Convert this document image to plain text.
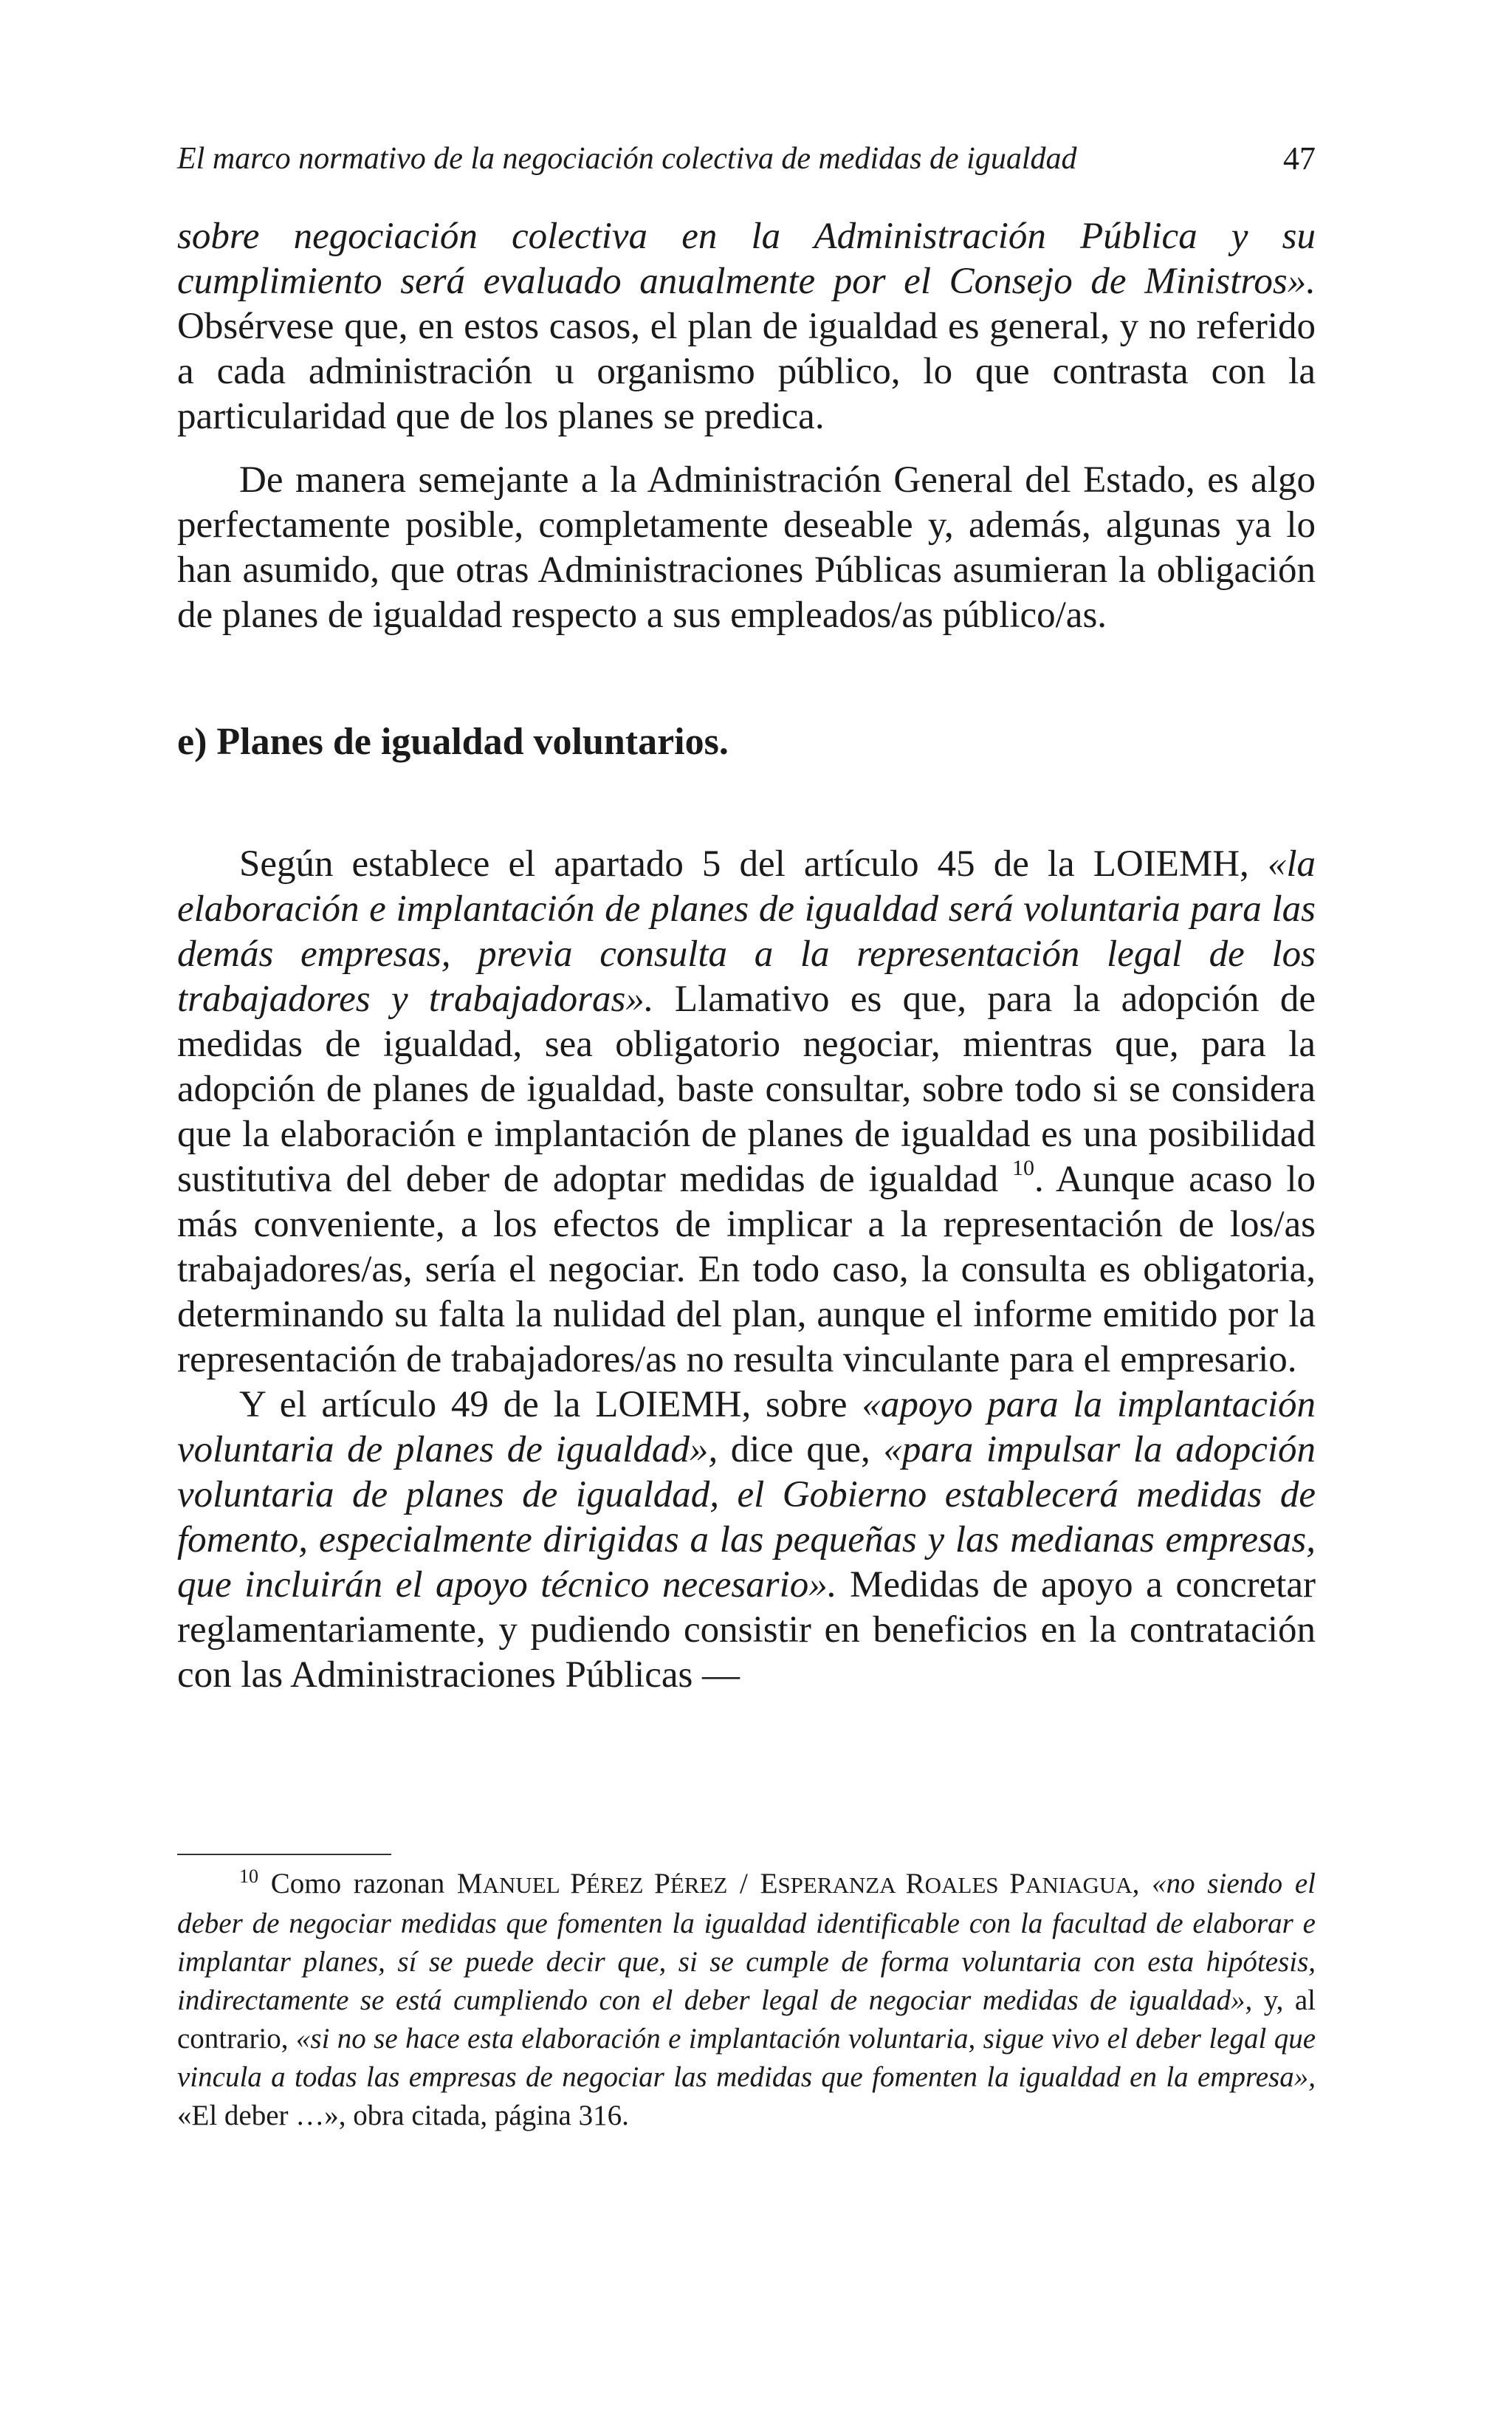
El marco normativo de la negociación colectiva de medidas de igualdad	47

sobre negociación colectiva en la Administración Pública y su cumplimiento será evaluado anualmente por el Consejo de Ministros». Obsérvese que, en estos casos, el plan de igualdad es general, y no referido a cada administración u organismo público, lo que contrasta con la particularidad que de los planes se predica.

De manera semejante a la Administración General del Estado, es algo perfectamente posible, completamente deseable y, además, algunas ya lo han asumido, que otras Administraciones Públicas asumieran la obligación de planes de igualdad respecto a sus empleados/as público/as.

e) Planes de igualdad voluntarios.

Según establece el apartado 5 del artículo 45 de la LOIEMH, «la elaboración e implantación de planes de igualdad será voluntaria para las demás empresas, previa consulta a la representación legal de los trabajadores y trabajadoras». Llamativo es que, para la adopción de medidas de igualdad, sea obligatorio negociar, mientras que, para la adopción de planes de igualdad, baste consultar, sobre todo si se considera que la elaboración e implantación de planes de igualdad es una posibilidad sustitutiva del deber de adoptar medidas de igualdad $^{10}$. Aunque acaso lo más conveniente, a los efectos de implicar a la representación de los/as trabajadores/as, sería el negociar. En todo caso, la consulta es obligatoria, determinando su falta la nulidad del plan, aunque el informe emitido por la representación de trabajadores/as no resulta vinculante para el empresario.

Y el artículo 49 de la LOIEMH, sobre «apoyo para la implantación voluntaria de planes de igualdad», dice que, «para impulsar la adopción voluntaria de planes de igualdad, el Gobierno establecerá medidas de fomento, especialmente dirigidas a las pequeñas y las medianas empresas, que incluirán el apoyo técnico necesario». Medidas de apoyo a concretar reglamentariamente, y pudiendo consistir en beneficios en la contratación con las Administraciones Públicas —

$^{10}$ Como razonan MANUEL PÉREZ PÉREZ / ESPERANZA ROALES PANIAGUA, «no siendo el deber de negociar medidas que fomenten la igualdad identificable con la facultad de elaborar e implantar planes, sí se puede decir que, si se cumple de forma voluntaria con esta hipótesis, indirectamente se está cumpliendo con el deber legal de negociar medidas de igualdad», y, al contrario, «si no se hace esta elaboración e implantación voluntaria, sigue vivo el deber legal que vincula a todas las empresas de negociar las medidas que fomenten la igualdad en la empresa», «El deber …», obra citada, página 316.
